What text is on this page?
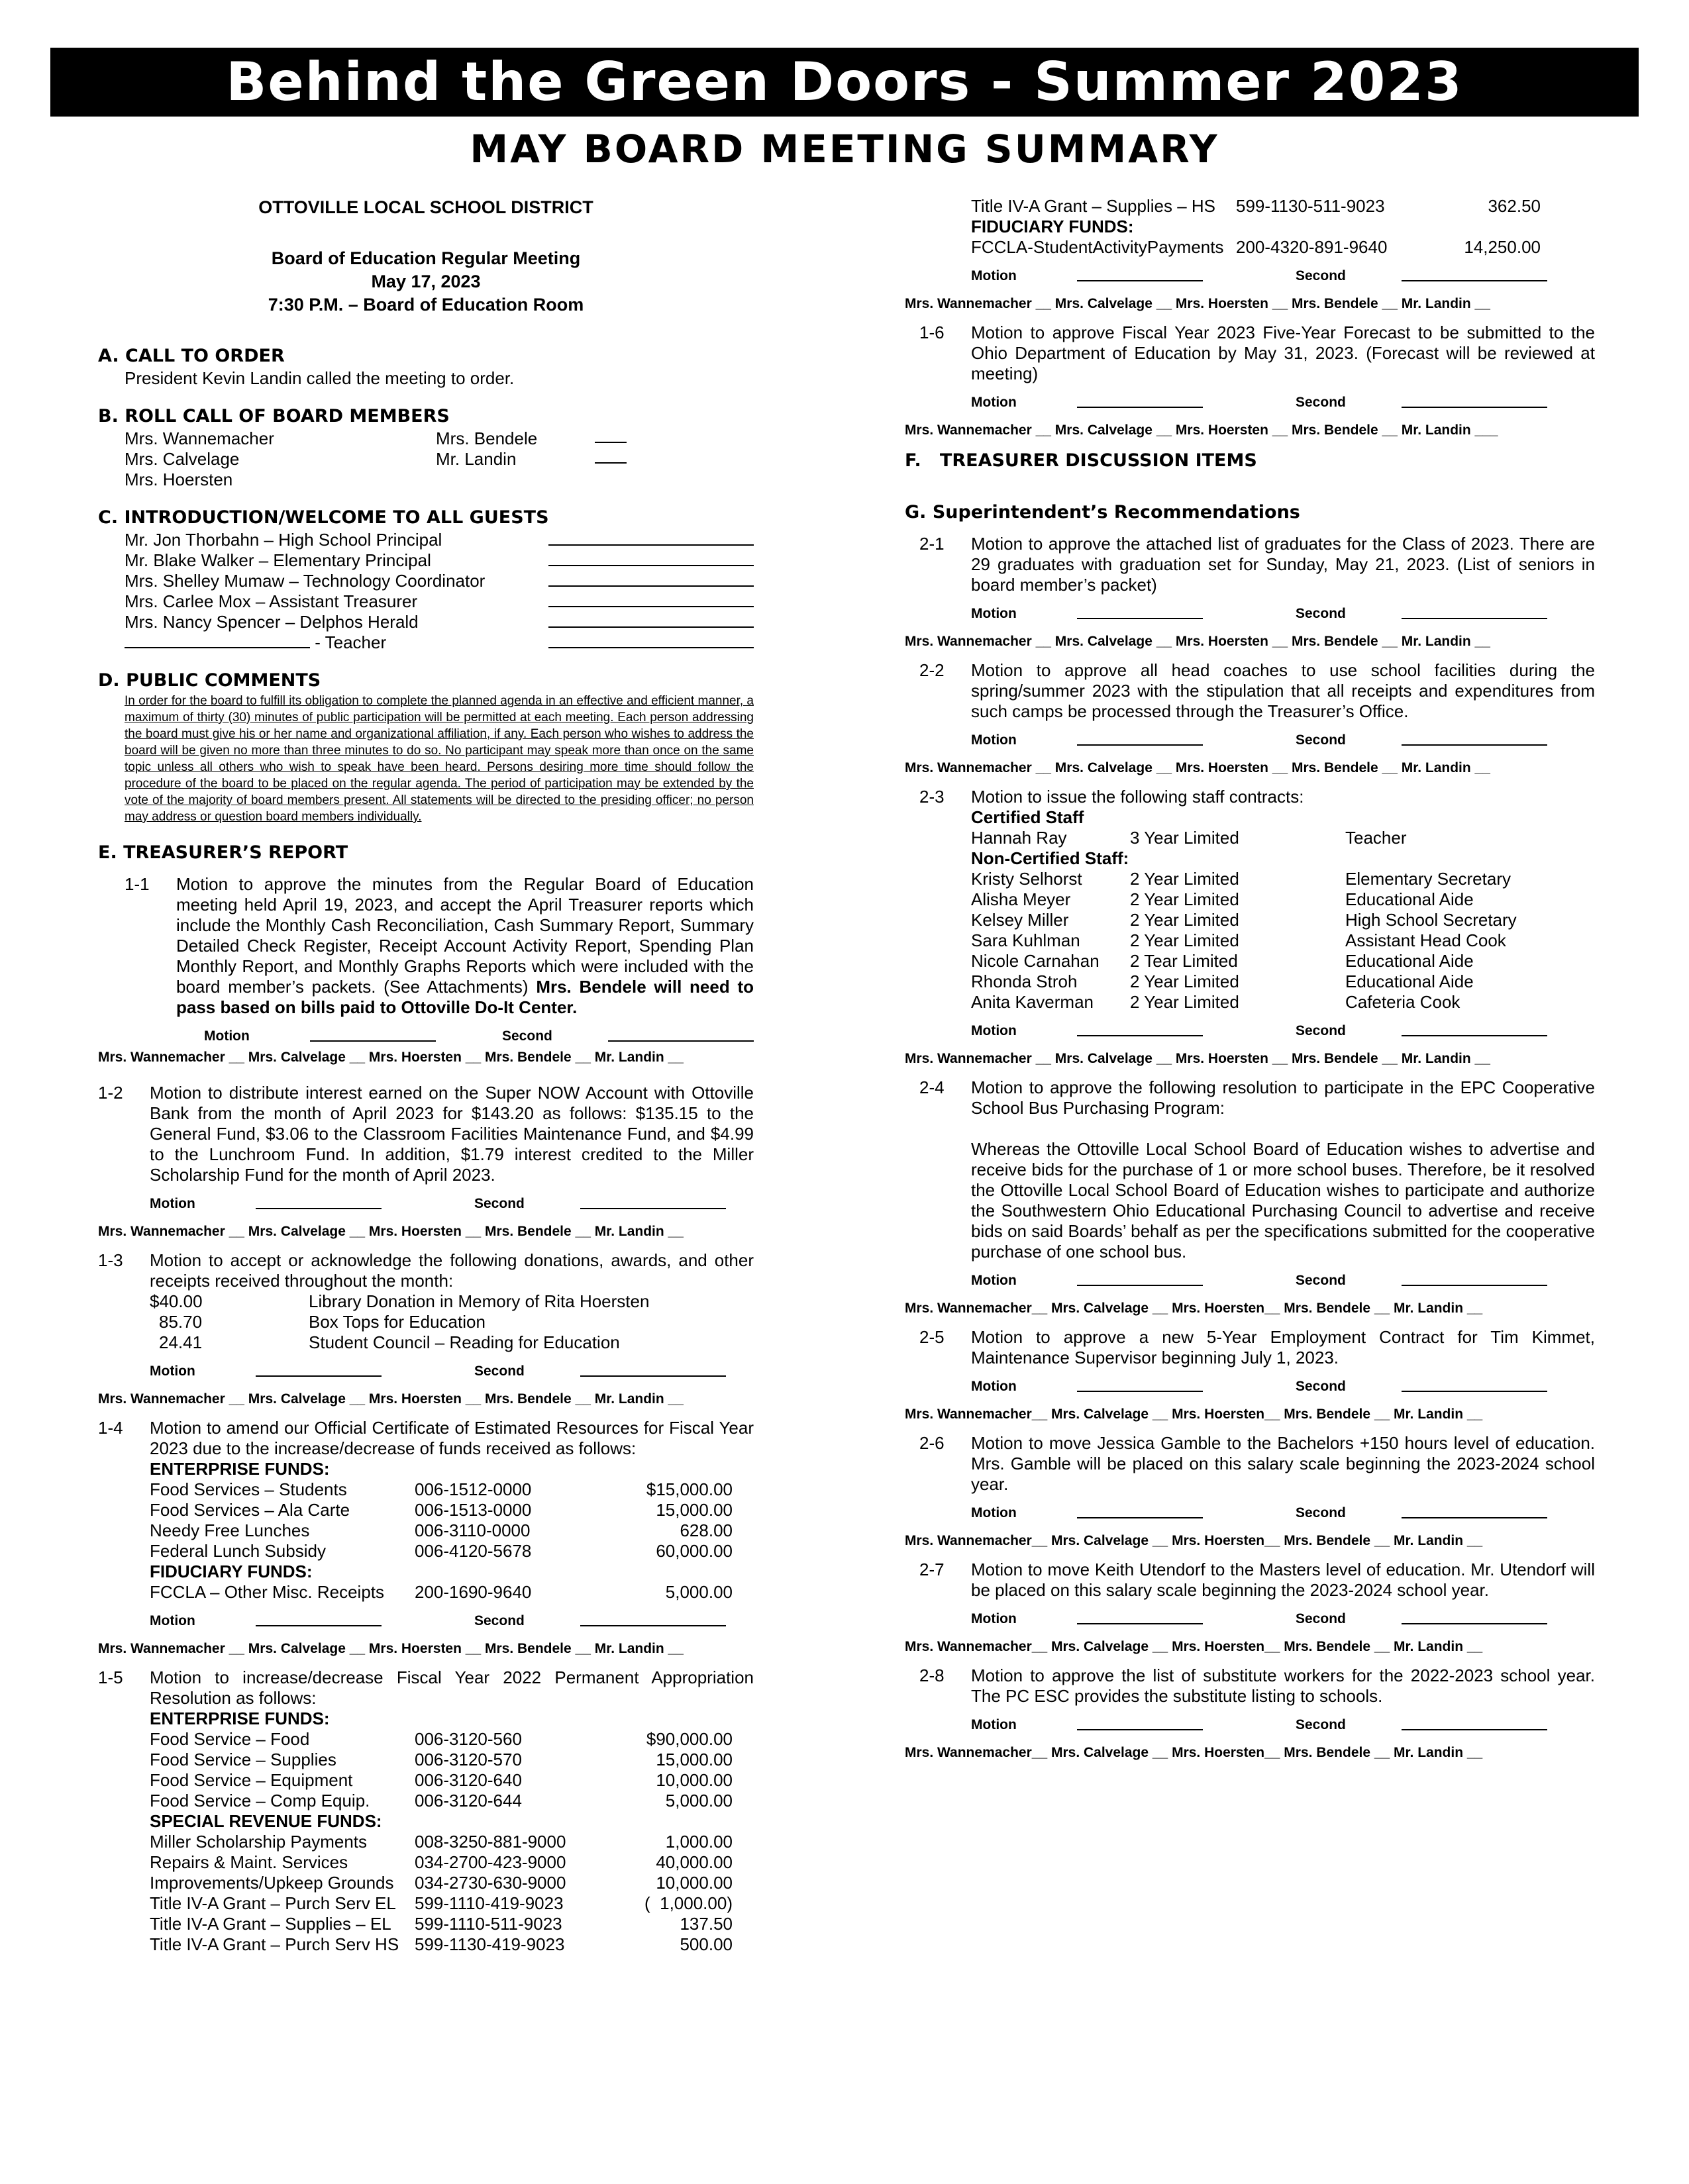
Behind the Green Doors - Summer 2023
MAY BOARD MEETING SUMMARY
OTTOVILLE LOCAL SCHOOL DISTRICT
Board of Education Regular Meeting
May 17, 2023
7:30 P.M. – Board of Education Room
A. CALL TO ORDER
President Kevin Landin called the meeting to order.
B. ROLL CALL OF BOARD MEMBERS
Mrs. Wannemacher	Mrs. Bendele
Mrs. Calvelage	Mr. Landin
Mrs. Hoersten
C. INTRODUCTION/WELCOME TO ALL GUESTS
Mr. Jon Thorbahn – High School Principal
Mr. Blake Walker – Elementary Principal
Mrs. Shelley Mumaw – Technology Coordinator
Mrs. Carlee Mox – Assistant Treasurer
Mrs. Nancy Spencer – Delphos Herald
- Teacher
D. PUBLIC COMMENTS
In order for the board to fulfill its obligation to complete the planned agenda in an effective and efficient manner, a maximum of thirty (30) minutes of public participation will be permitted at each meeting. Each person addressing the board must give his or her name and organizational affiliation, if any. Each person who wishes to address the board will be given no more than three minutes to do so. No participant may speak more than once on the same topic unless all others who wish to speak have been heard. Persons desiring more time should follow the procedure of the board to be placed on the regular agenda. The period of participation may be extended by the vote of the majority of board members present. All statements will be directed to the presiding officer; no person may address or question board members individually.
E. TREASURER’S REPORT
1-1	Motion to approve the minutes from the Regular Board of Education meeting held April 19, 2023, and accept the April Treasurer reports which include the Monthly Cash Reconciliation, Cash Summary Report, Summary Detailed Check Register, Receipt Account Activity Report, Spending Plan Monthly Report, and Monthly Graphs Reports which were included with the board member’s packets. (See Attachments) Mrs. Bendele will need to pass based on bills paid to Ottoville Do-It Center.
Motion	Second
Mrs. Wannemacher __ Mrs. Calvelage __ Mrs. Hoersten __ Mrs. Bendele __ Mr. Landin __
1-2	Motion to distribute interest earned on the Super NOW Account with Ottoville Bank from the month of April 2023 for $143.20 as follows: $135.15 to the General Fund, $3.06 to the Classroom Facilities Maintenance Fund, and $4.99 to the Lunchroom Fund. In addition, $1.79 interest credited to the Miller Scholarship Fund for the month of April 2023.
Motion	Second
Mrs. Wannemacher __ Mrs. Calvelage __ Mrs. Hoersten __ Mrs. Bendele __ Mr. Landin __
1-3	Motion to accept or acknowledge the following donations, awards, and other receipts received throughout the month:
$40.00	Library Donation in Memory of Rita Hoersten
85.70	Box Tops for Education
24.41	Student Council – Reading for Education
Motion	Second
Mrs. Wannemacher __ Mrs. Calvelage __ Mrs. Hoersten __ Mrs. Bendele __ Mr. Landin __
1-4	Motion to amend our Official Certificate of Estimated Resources for Fiscal Year 2023 due to the increase/decrease of funds received as follows:
ENTERPRISE FUNDS:
Food Services – Students	006-1512-0000	$15,000.00
Food Services – Ala Carte	006-1513-0000	15,000.00
Needy Free Lunches	006-3110-0000	628.00
Federal Lunch Subsidy	006-4120-5678	60,000.00
FIDUCIARY FUNDS:
FCCLA – Other Misc. Receipts	200-1690-9640	5,000.00
Motion	Second
Mrs. Wannemacher __ Mrs. Calvelage __ Mrs. Hoersten __ Mrs. Bendele __ Mr. Landin __
1-5	Motion to increase/decrease Fiscal Year 2022 Permanent Appropriation Resolution as follows:
ENTERPRISE FUNDS:
Food Service – Food	006-3120-560	$90,000.00
Food Service – Supplies	006-3120-570	15,000.00
Food Service – Equipment	006-3120-640	10,000.00
Food Service – Comp Equip.	006-3120-644	5,000.00
SPECIAL REVENUE FUNDS:
Miller Scholarship Payments	008-3250-881-9000	1,000.00
Repairs & Maint. Services	034-2700-423-9000	40,000.00
Improvements/Upkeep Grounds	034-2730-630-9000	10,000.00
Title IV-A Grant – Purch Serv EL	599-1110-419-9023	(  1,000.00)
Title IV-A Grant – Supplies – EL	599-1110-511-9023	137.50
Title IV-A Grant – Purch Serv HS 599-1130-419-9023	500.00
Title IV-A Grant – Supplies – HS	599-1130-511-9023	362.50
FIDUCIARY FUNDS:
FCCLA-StudentActivityPayments 200-4320-891-9640	14,250.00
Motion	Second
Mrs. Wannemacher __ Mrs. Calvelage __ Mrs. Hoersten __ Mrs. Bendele __ Mr. Landin __
1-6	Motion to approve Fiscal Year 2023 Five-Year Forecast to be submitted to the Ohio Department of Education by May 31, 2023. (Forecast will be reviewed at meeting)
Motion	Second
Mrs. Wannemacher __ Mrs. Calvelage __ Mrs. Hoersten __ Mrs. Bendele __ Mr. Landin ___
F.   TREASURER DISCUSSION ITEMS
G. Superintendent’s Recommendations
2-1	Motion to approve the attached list of graduates for the Class of 2023. There are 29 graduates with graduation set for Sunday, May 21, 2023. (List of seniors in board member’s packet)
Motion	Second
Mrs. Wannemacher __ Mrs. Calvelage __ Mrs. Hoersten __ Mrs. Bendele __ Mr. Landin __
2-2	Motion to approve all head coaches to use school facilities during the spring/summer 2023 with the stipulation that all receipts and expenditures from such camps be processed through the Treasurer’s Office.
Motion	Second
Mrs. Wannemacher __ Mrs. Calvelage __ Mrs. Hoersten __ Mrs. Bendele __ Mr. Landin __
2-3	Motion to issue the following staff contracts:
Certified Staff
Hannah Ray	3 Year Limited	Teacher
Non-Certified Staff:
Kristy Selhorst	2 Year Limited	Elementary Secretary
Alisha Meyer	2 Year Limited	Educational Aide
Kelsey Miller	2 Year Limited	High School Secretary
Sara Kuhlman	2 Year Limited	Assistant Head Cook
Nicole Carnahan	2 Tear Limited	Educational Aide
Rhonda Stroh	2 Year Limited	Educational Aide
Anita Kaverman	2 Year Limited	Cafeteria Cook
Motion	Second
Mrs. Wannemacher __ Mrs. Calvelage __ Mrs. Hoersten __ Mrs. Bendele __ Mr. Landin __
2-4	Motion to approve the following resolution to participate in the EPC Cooperative School Bus Purchasing Program:

Whereas the Ottoville Local School Board of Education wishes to advertise and receive bids for the purchase of 1 or more school buses. Therefore, be it resolved the Ottoville Local School Board of Education wishes to participate and authorize the Southwestern Ohio Educational Purchasing Council to advertise and receive bids on said Boards’ behalf as per the specifications submitted for the cooperative purchase of one school bus.
Motion	Second
Mrs. Wannemacher__ Mrs. Calvelage __ Mrs. Hoersten__ Mrs. Bendele __ Mr. Landin __
2-5	Motion to approve a new 5-Year Employment Contract for Tim Kimmet, Maintenance Supervisor beginning July 1, 2023.
Motion	Second
Mrs. Wannemacher__ Mrs. Calvelage __ Mrs. Hoersten__ Mrs. Bendele __ Mr. Landin __
2-6	Motion to move Jessica Gamble to the Bachelors +150 hours level of education. Mrs. Gamble will be placed on this salary scale beginning the 2023-2024 school year.
Motion	Second
Mrs. Wannemacher__ Mrs. Calvelage __ Mrs. Hoersten__ Mrs. Bendele __ Mr. Landin __
2-7	Motion to move Keith Utendorf to the Masters level of education. Mr. Utendorf will be placed on this salary scale beginning the 2023-2024 school year.
Motion	Second
Mrs. Wannemacher__ Mrs. Calvelage __ Mrs. Hoersten__ Mrs. Bendele __ Mr. Landin __
2-8	Motion to approve the list of substitute workers for the 2022-2023 school year. The PC ESC provides the substitute listing to schools.
Motion	Second
Mrs. Wannemacher__ Mrs. Calvelage __ Mrs. Hoersten__ Mrs. Bendele __ Mr. Landin __
